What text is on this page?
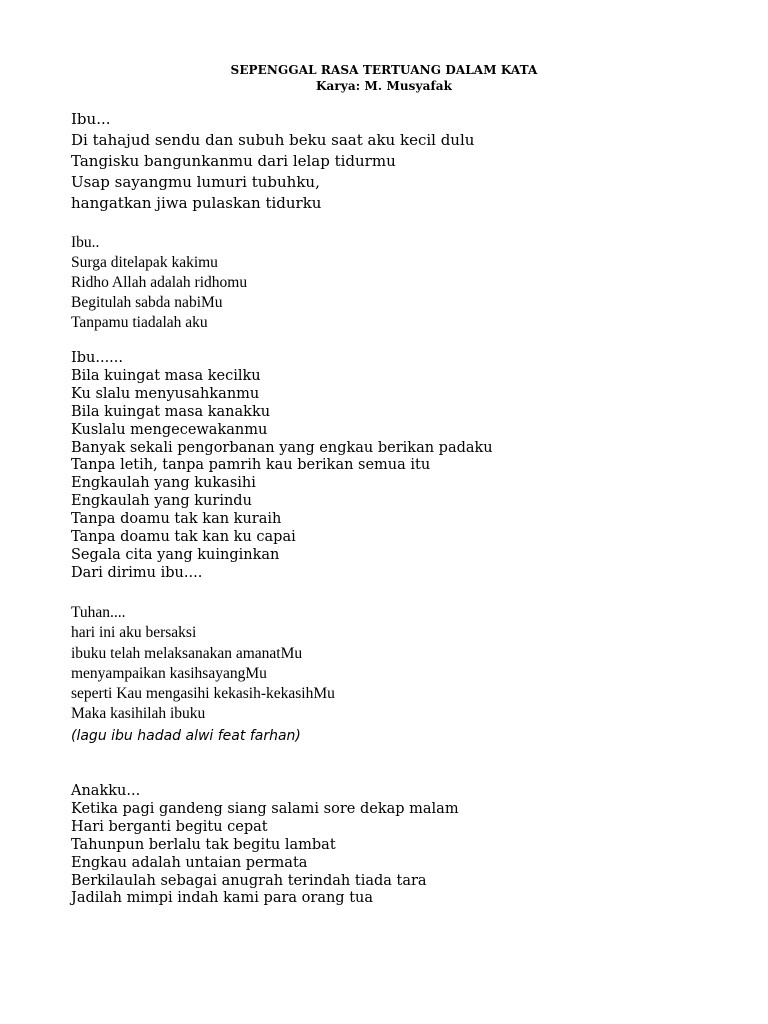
SEPENGGAL RASA TERTUANG DALAM KATA
Karya: M. Musyafak
Ibu...
Di tahajud sendu dan subuh beku saat aku kecil dulu
Tangisku bangunkanmu dari lelap tidurmu
Usap sayangmu lumuri tubuhku,
hangatkan jiwa pulaskan tidurku
Ibu..
Surga ditelapak kakimu
Ridho Allah adalah ridhomu
Begitulah sabda nabiMu
Tanpamu tiadalah aku
Ibu......
Bila kuingat masa kecilku
Ku slalu menyusahkanmu
Bila kuingat masa kanakku
Kuslalu mengecewakanmu
Banyak sekali pengorbanan yang engkau berikan padaku
Tanpa letih, tanpa pamrih kau berikan semua itu
Engkaulah yang kukasihi
Engkaulah yang kurindu
Tanpa doamu tak kan kuraih
Tanpa doamu tak kan ku capai
Segala cita yang kuinginkan
Dari dirimu ibu....
Tuhan....
hari ini aku bersaksi
ibuku telah melaksanakan amanatMu
menyampaikan kasihsayangMu
seperti Kau mengasihi kekasih-kekasihMu
Maka kasihilah ibuku
(lagu ibu hadad alwi feat farhan)
Anakku...
Ketika pagi gandeng siang salami sore dekap malam
Hari berganti begitu cepat
Tahunpun berlalu tak begitu lambat
Engkau adalah untaian permata
Berkilaulah sebagai anugrah terindah tiada tara
Jadilah mimpi indah kami para orang tua
